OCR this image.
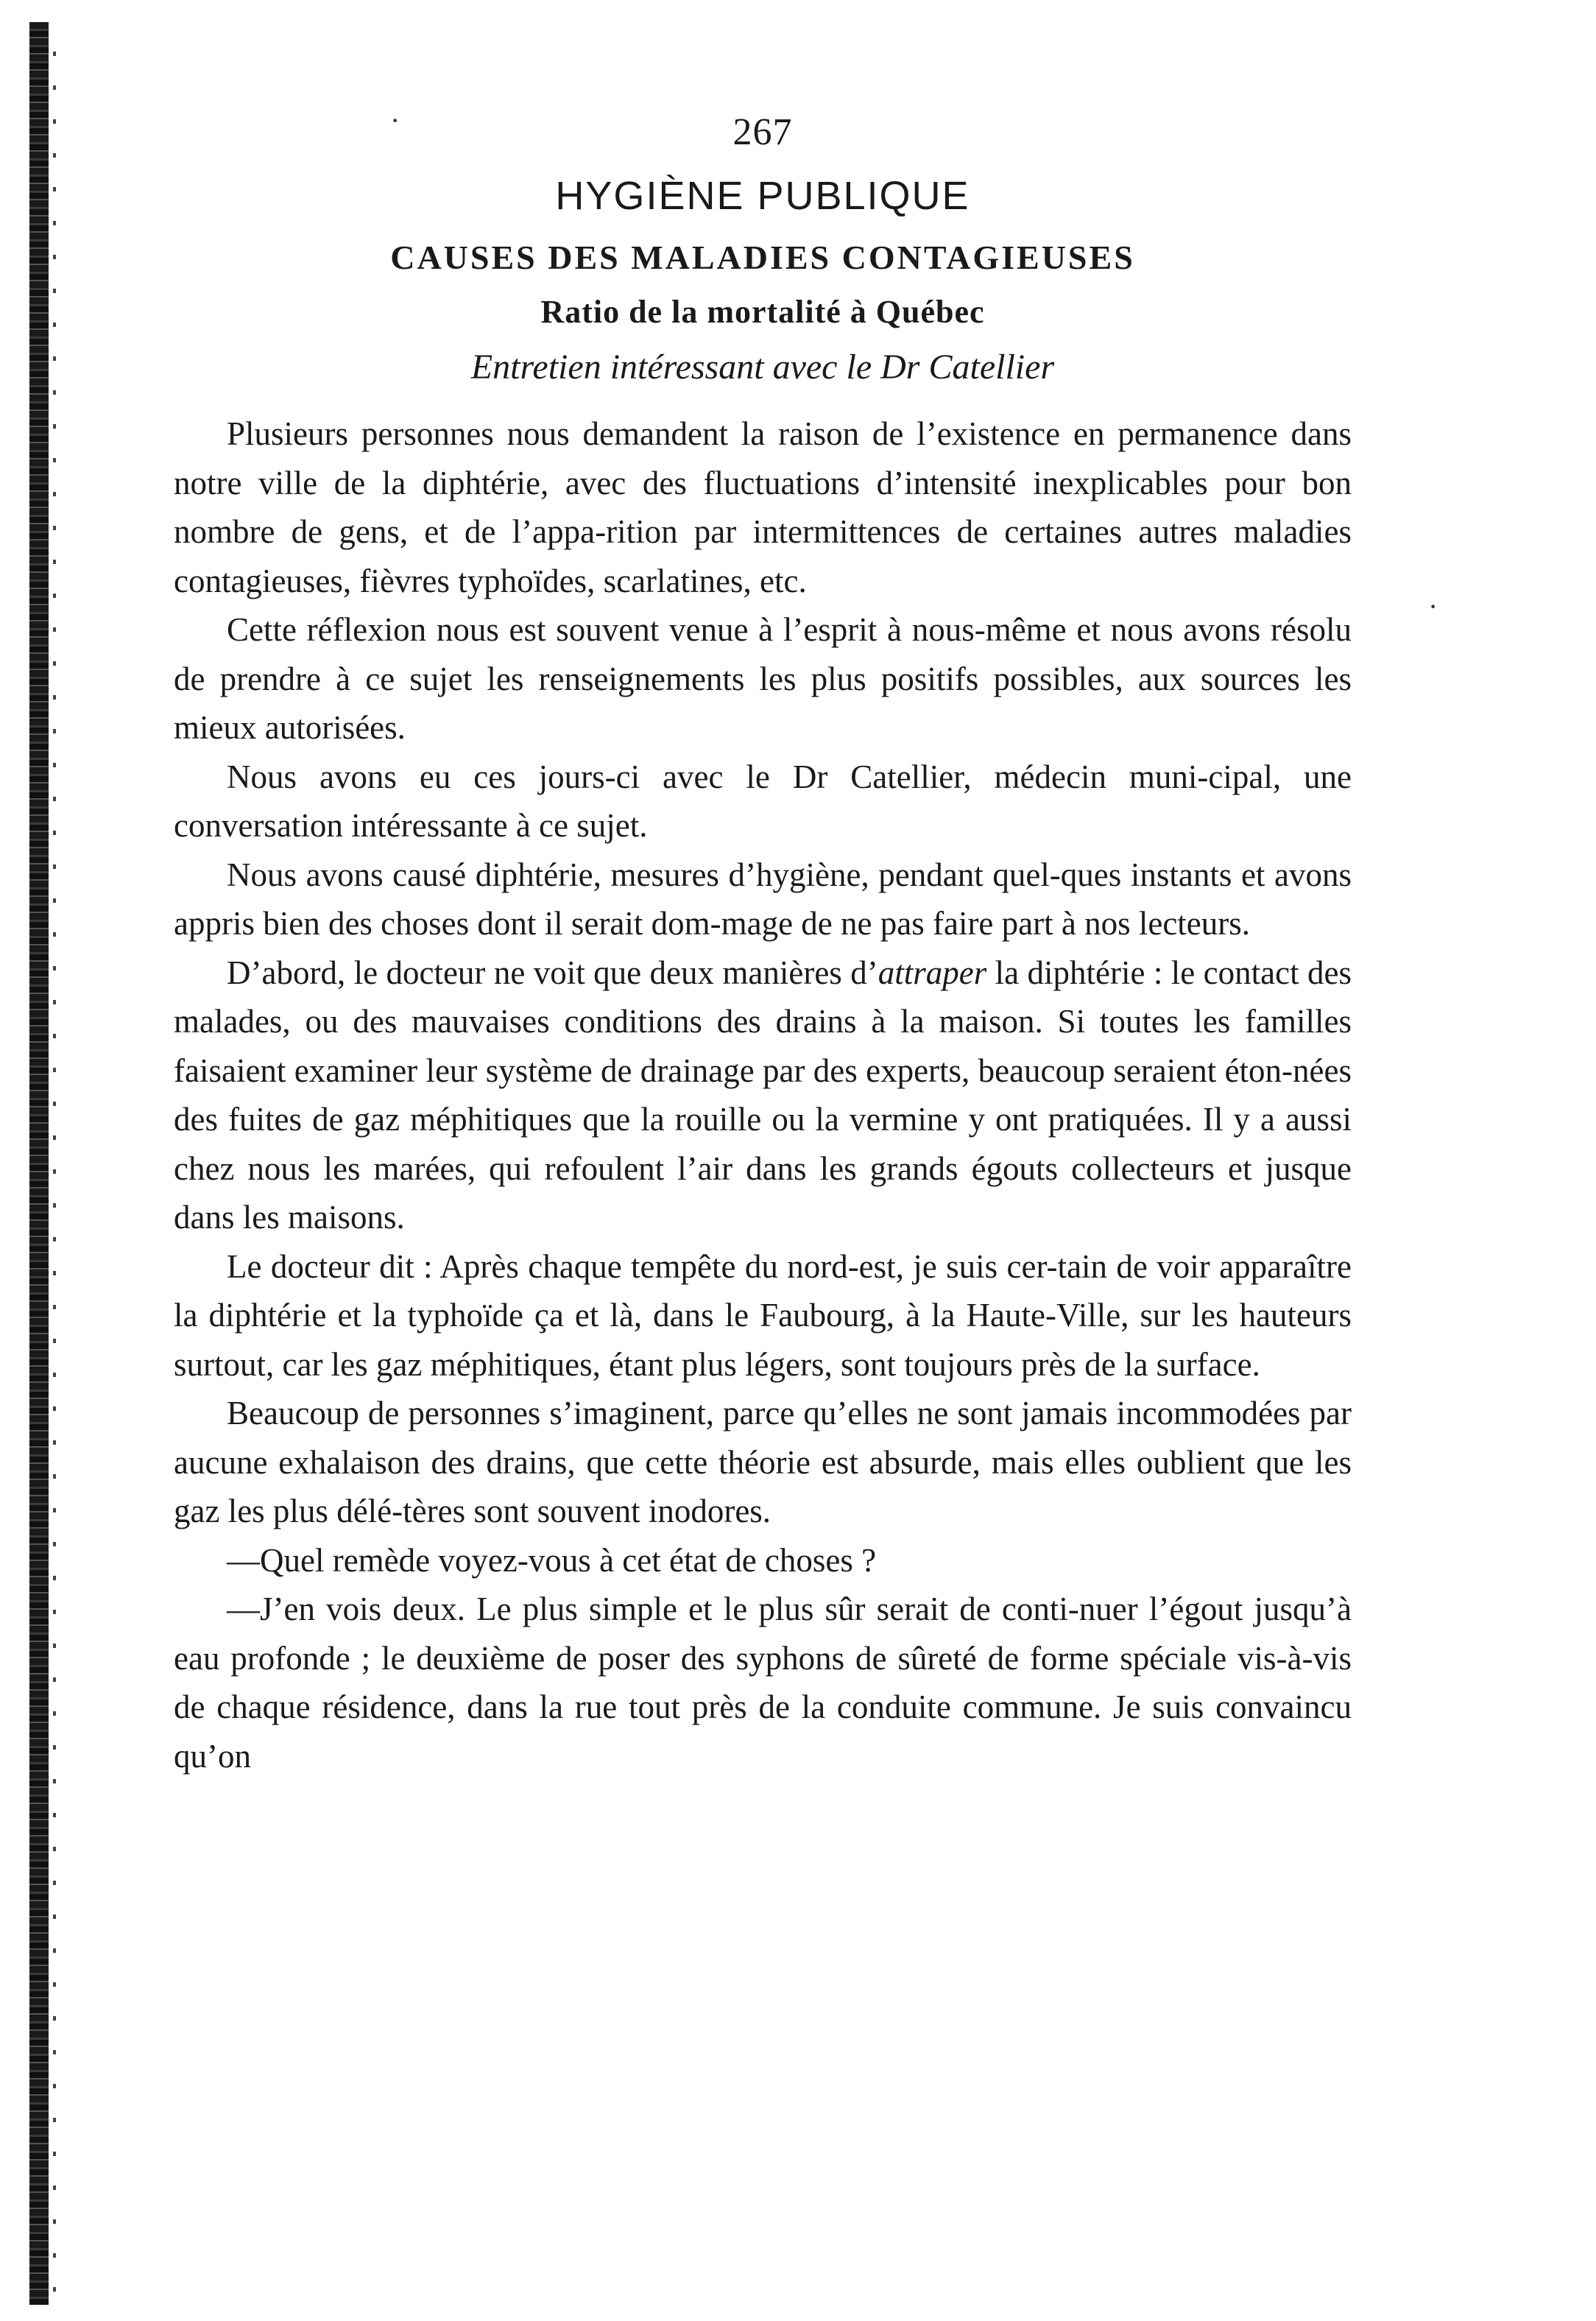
·
·
267
HYGIÈNE PUBLIQUE
CAUSES DES MALADIES CONTAGIEUSES
Ratio de la mortalité à Québec
Entretien intéressant avec le Dr Catellier

Plusieurs personnes nous demandent la raison de l’existence en permanence dans notre ville de la diphtérie, avec des fluctuations d’intensité inexplicables pour bon nombre de gens, et de l’appa-rition par intermittences de certaines autres maladies contagieuses, fièvres typhoïdes, scarlatines, etc.

Cette réflexion nous est souvent venue à l’esprit à nous-même et nous avons résolu de prendre à ce sujet les renseignements les plus positifs possibles, aux sources les mieux autorisées.

Nous avons eu ces jours-ci avec le Dr Catellier, médecin muni-cipal, une conversation intéressante à ce sujet.

Nous avons causé diphtérie, mesures d’hygiène, pendant quel-ques instants et avons appris bien des choses dont il serait dom-mage de ne pas faire part à nos lecteurs.

D’abord, le docteur ne voit que deux manières d’attraper la diphtérie : le contact des malades, ou des mauvaises conditions des drains à la maison. Si toutes les familles faisaient examiner leur système de drainage par des experts, beaucoup seraient éton-nées des fuites de gaz méphitiques que la rouille ou la vermine y ont pratiquées. Il y a aussi chez nous les marées, qui refoulent l’air dans les grands égouts collecteurs et jusque dans les maisons.

Le docteur dit : Après chaque tempête du nord-est, je suis cer-tain de voir apparaître la diphtérie et la typhoïde ça et là, dans le Faubourg, à la Haute-Ville, sur les hauteurs surtout, car les gaz méphitiques, étant plus légers, sont toujours près de la surface.

Beaucoup de personnes s’imaginent, parce qu’elles ne sont jamais incommodées par aucune exhalaison des drains, que cette théorie est absurde, mais elles oublient que les gaz les plus délé-tères sont souvent inodores.

—Quel remède voyez-vous à cet état de choses ?

—J’en vois deux. Le plus simple et le plus sûr serait de conti-nuer l’égout jusqu’à eau profonde ; le deuxième de poser des syphons de sûreté de forme spéciale vis-à-vis de chaque résidence, dans la rue tout près de la conduite commune. Je suis convaincu qu’on
